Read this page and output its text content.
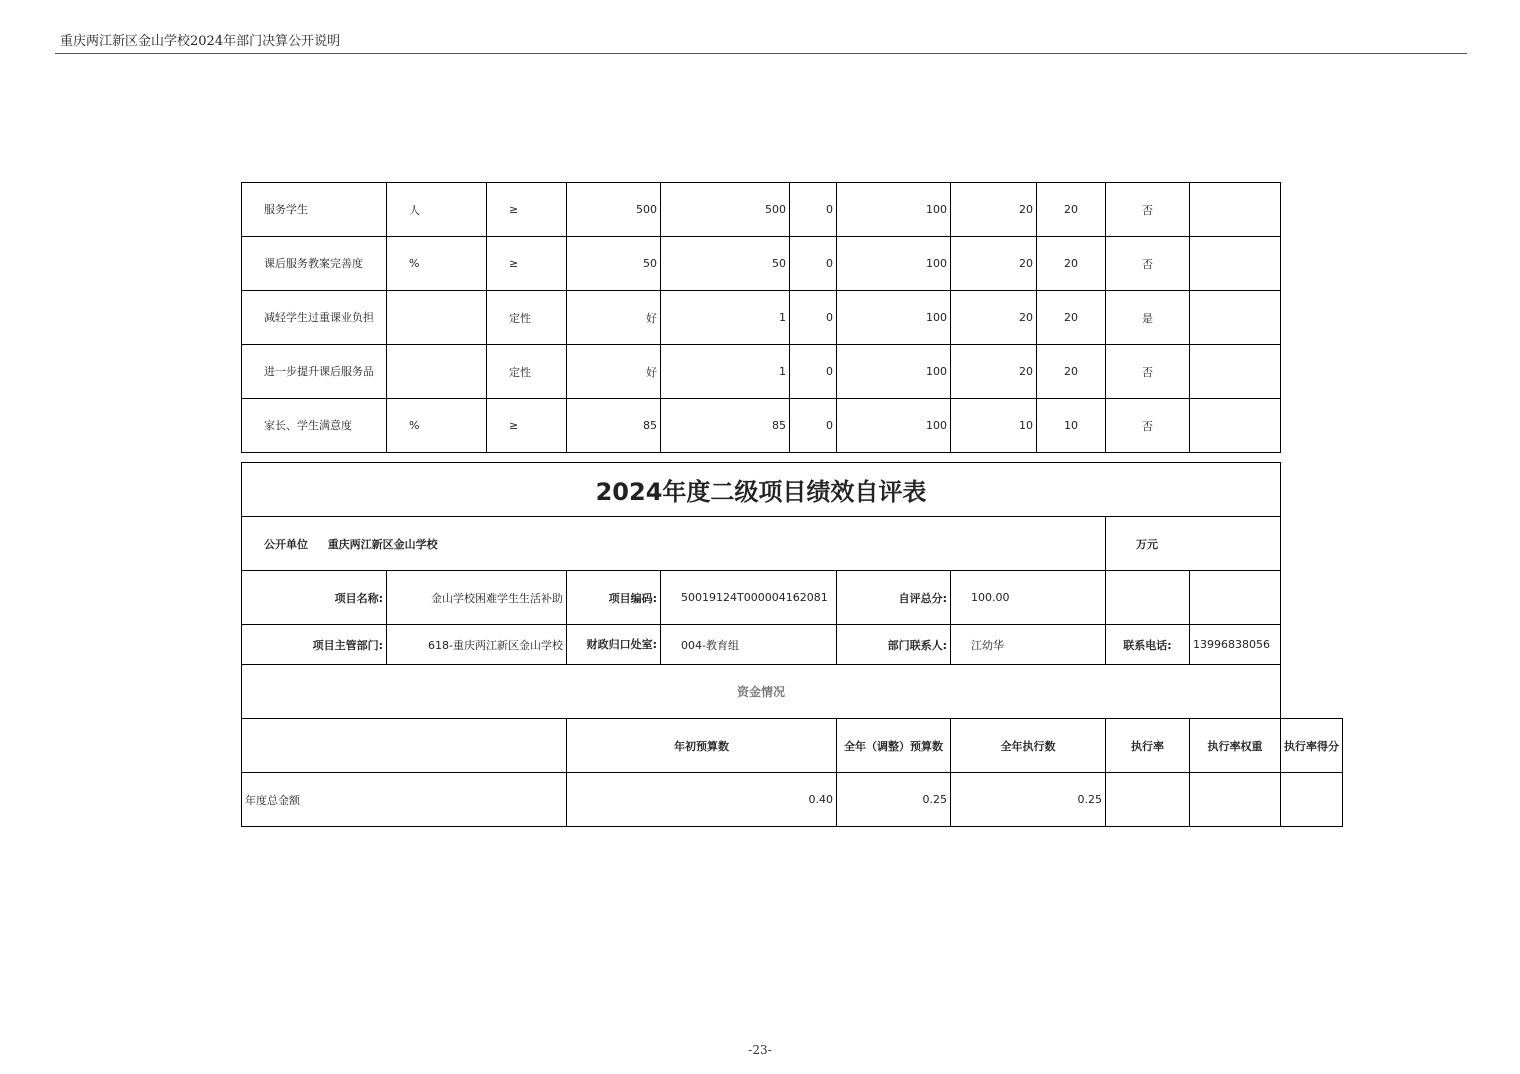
重庆两江新区金山学校2024年部门决算公开说明
服务学生	人	≥	500	500	0	100	20	20	否	
课后服务教案完善度	%	≥	50	50	0	100	20	20	否	
减轻学生过重课业负担		定性	好	1	0	100	20	20	是	
进一步提升课后服务品		定性	好	1	0	100	20	20	否	
家长、学生满意度	%	≥	85	85	0	100	10	10	否	
2024年度二级项目绩效自评表								
公开单位 重庆两江新区金山学校						万元		
项目名称:	金山学校困难学生生活补助	项目编码:	50019124T000004162081	自评总分:	100.00			
项目主管部门:	618-重庆两江新区金山学校	财政归口处室:	004-教育组	部门联系人:	江幼华	联系电话:	13996838056	
资金情况								
		年初预算数		全年（调整）预算数	全年执行数	执行率	执行率权重	执行率得分
年度总金额		0.40		0.25	0.25			
-23-
